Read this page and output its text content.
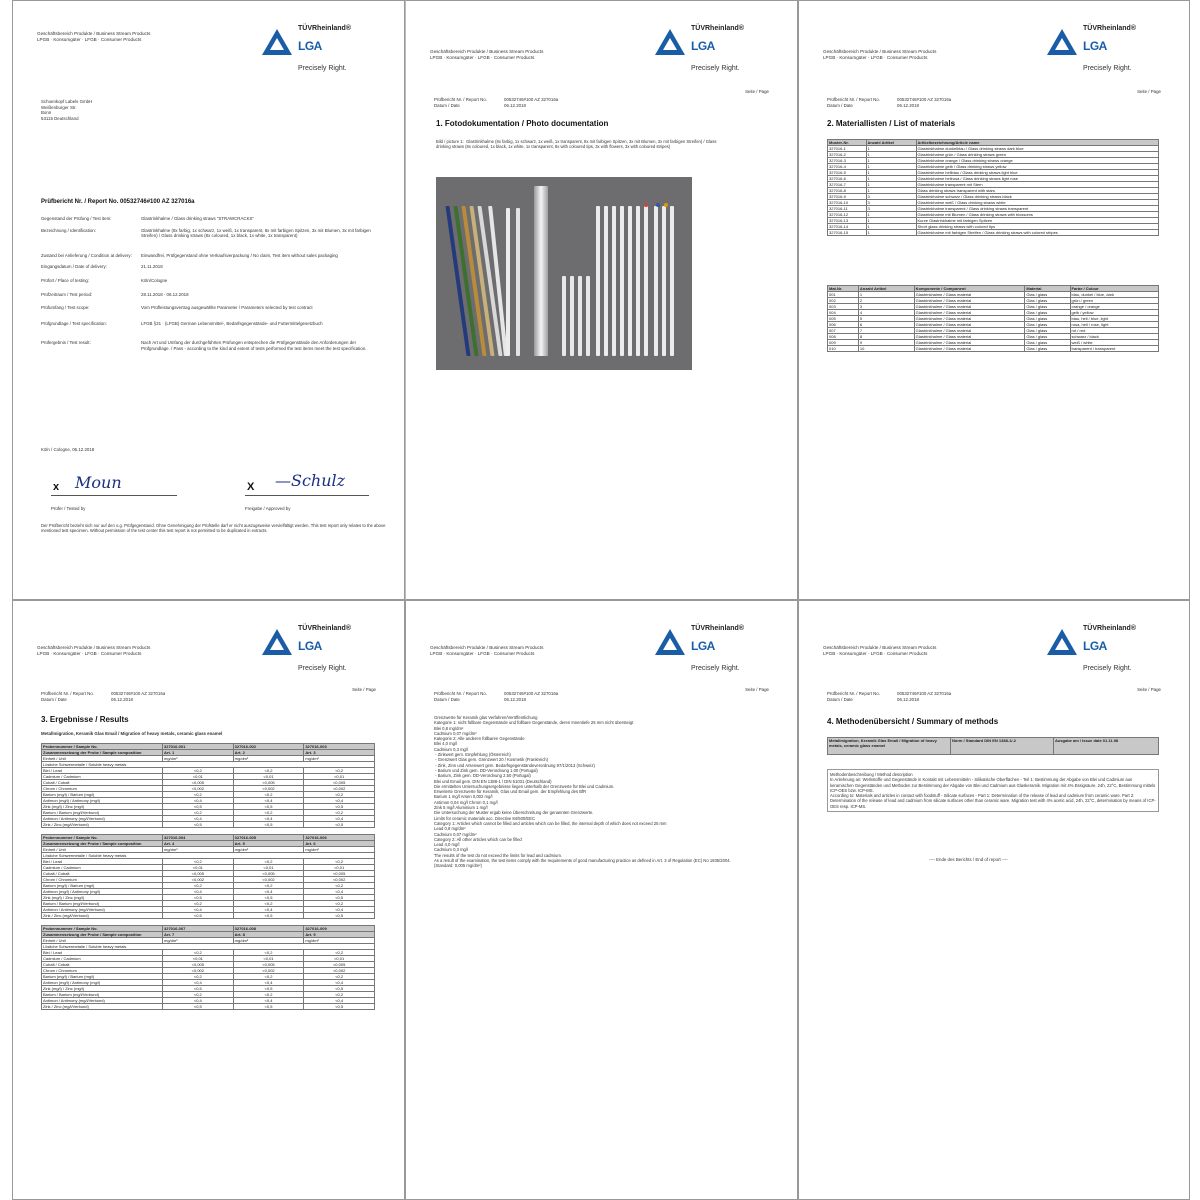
Geschäftsbereich Produkte / Business Stream Products
LPGB · Konsumgüter · LFGB · Consumer Products
TÜVRheinland®
LGA
Precisely Right.
Schoenkopf Labels GmbH
Weißenburger Str.
Bonn
53115 Deutschland
Prüfbericht Nr. / Report No. 00532746#100 AZ 327016a
Gegenstand der Prüfung / Test item:	Glastrinkhalme / Glass drinking straws "STRAWCRACKS"
Bezeichnung / Identification:	Glastrinkhalme (8x farbig, 1x schwarz, 1x weiß, 1x transparent, 8x mit farbigen Spitzen, 3x mit Blumen, 3x mit farbigen Streifen) / Glass drinking straws (8x coloured, 1x black, 1x white, 1x transparent)
Zustand bei Anlieferung / Condition at delivery: Einwandfrei, Prüfgegenstand ohne Verkaufsverpackung / No claim, Test item without sales packaging
Eingangsdatum / Date of delivery:	21.11.2018
Prüfort / Place of testing:	Köln/Cologne
Prüfzeitraum / Test period:	28.11.2018 - 06.12.2018
Prüfumfang / Test scope:	Vom Prüfleistungsvertrag ausgewählte Parameter / Parameters selected by test contract
Prüfgrundlage / Test specification:	LFGB §31 · (LFGB) German Lebensmittel-, Bedarfsgegenstände- und Futtermittelgesetzbuch
Prüfergebnis / Test result:	Nach Art und Umfang der durchgeführten Prüfungen entsprechen die Prüfgegenstände den Anforderungen der Prüfgrundlage. / Pass - according to the kind and extent of tests performed the test items meet the test specification.
Köln / Cologne, 06.12.2018
x Moun	X —Schulz
Prüfer / Tested by	Freigabe / Approved by
Der Prüfbericht bezieht sich nur auf den o.g. Prüfgegenstand. Ohne Genehmigung der Prüfstelle darf er nicht auszugsweise vervielfältigt werden. This test report only relates to the above mentioned test specimen. Without permission of the test center this test report is not permitted to be duplicated in extracts.
Geschäftsbereich Produkte / Business Stream Products
LPGB · Konsumgüter · LFGB · Consumer Products
TÜVRheinland®
LGA
Precisely Right.
Prüfbericht Nr. / Report No.	00532746#100 AZ 327016a
Datum / Date	06.12.2018
Seite / Page
1. Fotodokumentation / Photo documentation
Bild / picture 1:  Glastrinkhalme (8x farbig, 1x schwarz, 1x weiß, 1x transparent, 8x mit farbigen Spitzen, 3x mit Blumen, 3x mit farbigen Streifen) / Glass drinking straws (8x coloured, 1x black, 1x white, 1x transparent, 8x with coloured tips, 3x with flowers, 3x with coloured stripes)
Geschäftsbereich Produkte / Business Stream Products
LPGB · Konsumgüter · LFGB · Consumer Products
TÜVRheinland®
LGA
Precisely Right.
Prüfbericht Nr. / Report No.	00532746#100 AZ 327016a
Datum / Date	06.12.2018
Seite / Page
2. Materiallisten / List of materials
Muster-Nr.	Anzahl Artikel	Artikelbezeichnung/Article name
327016-1	1	Glastrinkhalme dunkelblau / Glass drinking straws dark blue
327016-2	1	Glastrinkhalme grün / Glass drinking straws green
327016-3	1	Glastrinkhalme orange / Glass drinking straws orange
327016-4	1	Glastrinkhalme gelb / Glass drinking straws yellow
327016-5	1	Glastrinkhalme hellblau / Glass drinking straws light blue
327016-6	1	Glastrinkhalme hellrosa / Glass drinking straws light rose
327016-7	1	Glastrinkhalme transparent mit Stern
327016-8	1	Glass drinking straws transparent with stars
327016-9	3	Glastrinkhalme schwarz / Glass drinking straws black
327016-10	3	Glastrinkhalme weiß / Glass drinking straws white
327016-11	3	Glastrinkhalme transparent / Glass drinking straws transparent
327016-12	1	Glastrinkhalme mit Blumen / Glass drinking straws with blossoms
327016-13	1	Kurze Glastrinkhalme mit farbigen Spitzen
327016-14	1	Short glass drinking straws with colored tips
327016-15	1	Glastrinkhalme mit farbigen Streifen / Glass drinking straws with colored stripes
Mat.Nr.	Anzahl Artikel	Komponente / Component	Material	Farbe / Colour
001	1	Glastrinkhalme / Glass material	Glas / glass	blau, dunkel / blue, dark
002	2	Glastrinkhalme / Glass material	Glas / glass	grün / green
003	3	Glastrinkhalme / Glass material	Glas / glass	orange / orange
004	4	Glastrinkhalme / Glass material	Glas / glass	gelb / yellow
005	5	Glastrinkhalme / Glass material	Glas / glass	blau, hell / blue, light
006	6	Glastrinkhalme / Glass material	Glas / glass	rosa, hell / rose, light
007	7	Glastrinkhalme / Glass material	Glas / glass	rot / red
008	8	Glastrinkhalme / Glass material	Glas / glass	schwarz / black
009	9	Glastrinkhalme / Glass material	Glas / glass	weiß / white
010	10	Glastrinkhalme / Glass material	Glas / glass	transparent / transparent
Geschäftsbereich Produkte / Business Stream Products
LPGB · Konsumgüter · LFGB · Consumer Products
TÜVRheinland®
LGA
Precisely Right.
Prüfbericht Nr. / Report No.	00532746#100 AZ 327016a
Datum / Date	06.12.2018
Seite / Page
3. Ergebnisse / Results
Metallmigration, Keramik Glas Email / Migration of heavy metals, ceramic glass enamel
Probennummer / Sample No.	327016-001	327016-002	327016-003
Zusammensetzung der Probe / Sample composition	Art. 1	Art. 2	Art. 3
Einheit / Unit	mg/dm²	mg/dm²	mg/dm²
Lösliche Schwermetalle / Soluble heavy metals			
Blei / Lead	<0,2	<0,2	<0,2
Cadmium / Cadmium	<0,01	<0,01	<0,01
Cobalt / Cobalt	<0,005	<0,005	<0,005
Chrom / Chromium	<0,002	<0,002	<0,002
Barium (mg/l) / Barium (mg/l)	<0,2	<0,2	<0,2
Antimon (mg/l) / Antimony (mg/l)	<0,4	<0,4	<0,4
Zink (mg/l) / Zinc (mg/l)	<0,5	<0,5	<0,5
Barium / Barium (mg/l/Verbund)	<0,2	<0,2	<0,2
Antimon / Antimony (mg/l/Verbund)	<0,4	<0,4	<0,4
Zink / Zinc (mg/l/Verbund)	<0,5	<0,5	<0,5
Probennummer / Sample No.	327016-004	327016-005	327016-006
Zusammensetzung der Probe / Sample composition	Art. 4	Art. 5	Art. 6
Einheit / Unit	mg/dm²	mg/dm²	mg/dm²
Lösliche Schwermetalle / Soluble heavy metals			
Blei / Lead	<0,2	<0,2	<0,2
Cadmium / Cadmium	<0,01	<0,01	<0,01
Cobalt / Cobalt	<0,005	<0,005	<0,005
Chrom / Chromium	<0,002	<0,002	<0,002
Barium (mg/l) / Barium (mg/l)	<0,2	<0,2	<0,2
Antimon (mg/l) / Antimony (mg/l)	<0,4	<0,4	<0,4
Zink (mg/l) / Zinc (mg/l)	<0,5	<0,5	<0,5
Barium / Barium (mg/l/Verbund)	<0,2	<0,2	<0,2
Antimon / Antimony (mg/l/Verbund)	<0,4	<0,4	<0,4
Zink / Zinc (mg/l/Verbund)	<0,5	<0,5	<0,5
Probennummer / Sample No.	327016-007	327016-008	327016-009
Zusammensetzung der Probe / Sample composition	Art. 7	Art. 8	Art. 9
Einheit / Unit	mg/dm²	mg/dm²	mg/dm²
Lösliche Schwermetalle / Soluble heavy metals			
Blei / Lead	<0,2	<0,2	<0,2
Cadmium / Cadmium	<0,01	<0,01	<0,01
Cobalt / Cobalt	<0,005	<0,005	<0,005
Chrom / Chromium	<0,002	<0,002	<0,002
Barium (mg/l) / Barium (mg/l)	<0,2	<0,2	<0,2
Antimon (mg/l) / Antimony (mg/l)	<0,4	<0,4	<0,4
Zink (mg/l) / Zinc (mg/l)	<0,5	<0,5	<0,5
Barium / Barium (mg/l/Verbund)	<0,2	<0,2	<0,2
Antimon / Antimony (mg/l/Verbund)	<0,4	<0,4	<0,4
Zink / Zinc (mg/l/Verbund)	<0,5	<0,5	<0,5
Geschäftsbereich Produkte / Business Stream Products
LPGB · Konsumgüter · LFGB · Consumer Products
TÜVRheinland®
LGA
Precisely Right.
Prüfbericht Nr. / Report No.	00532746#100 AZ 327016a
Datum / Date	06.12.2018
Seite / Page
Grenzwerte für Keramik glas Verfahren/Veröffentlichung
Kategorie 1: nicht füllbare Gegenstände und füllbare Gegenstände, deren Innentiefe 25 mm nicht übersteigt
Blei 0,8 mg/dm²
Cadmium 0,07 mg/dm²
Kategorie 2: Alle anderen füllbaren Gegenstände
Blei 4,0 mg/l
Cadmium 0,3 mg/l
- Zinkwert gem. Empfehlung (Österreich)
- Grenzwert Glas gem. Grenzwert 20 / Kosmetik (Frankreich)
- Zink, Zinn und Arsenwert gem. Bedarfsgegenständeverordnung 97/1/2013 (Schweiz)
- Barium und Zink gem. DD-Verordnung 1.00 (Portugal)
- Barium, Zink gem. DD-Verordnung 2.50 (Portugal)
Blei und Email gem. DIN EN 1388-1 / DIN 51031 (Deutschland)
Die ermittelten Untersuchungsergebnisse liegen unterhalb der Grenzwerte für Blei und Cadmium.
Erweiterte Grenzwerte für Keramik, Glas und Email gem. der Empfehlung des BfR
Barium 1 mg/l Arsen 0,002 mg/l
Antimon 0,04 mg/l Chrom 0,1 mg/l
Zink 5 mg/l Aluminium 1 mg/l
Die Untersuchung der Muster ergab keine Überschreitung der genannten Grenzwerte.
Limits for ceramic materials acc. Directive 84/500/EEC
Category 1: Articles which cannot be filled and articles which can be filled, the internal depth of which does not exceed 25 mm
Lead 0,8 mg/dm²
Cadmium 0,07 mg/dm²
Category 2: All other articles which can be filled
Lead 4,0 mg/l
Cadmium 0,3 mg/l
The results of the test do not exceed the limits for lead and cadmium.
As a result of the examination, the test items comply with the requirements of good manufacturing practice as defined in Art. 3 of Regulation (EC) No 1935/2004.
(Standard: 0,005 mg/dm²)
Geschäftsbereich Produkte / Business Stream Products
LPGB · Konsumgüter · LFGB · Consumer Products
TÜVRheinland®
LGA
Precisely Right.
Prüfbericht Nr. / Report No.	00532746#100 AZ 327016a
Datum / Date	06.12.2018
Seite / Page
4. Methodenübersicht / Summary of methods
Metallmigration, Keramik Glas Email / Migration of heavy metals, ceramic glass enamel	Norm / Standard DIN EN 1388-1/-2	Ausgabe am / Issue date 01.11.98
Methodenbeschreibung / Method description
In Anlehnung an: Werkstoffe und Gegenstände in Kontakt mit Lebensmitteln - Silikatische Oberflächen - Teil 1: Bestimmung der Abgabe von Blei und Cadmium aus keramischen Gegenständen und Methoden zur Bestimmung der Abgabe von Blei und Cadmium aus Glaskeramik. Migration mit 4% Essigsäure, 24h, 22°C, Bestimmung mittels ICP-OES bzw. ICP-MS.
According to: Materials and articles in contact with foodstuff - Silicate surfaces - Part 1: Determination of the release of lead and cadmium from ceramic ware. Part 2: Determination of the release of lead and cadmium from silicate surfaces other than ceramic ware. Migration test with 4% acetic acid, 24h, 22°C, determination by means of ICP-OES resp. ICP-MS.
---- Ende des Berichts / End of report ----
